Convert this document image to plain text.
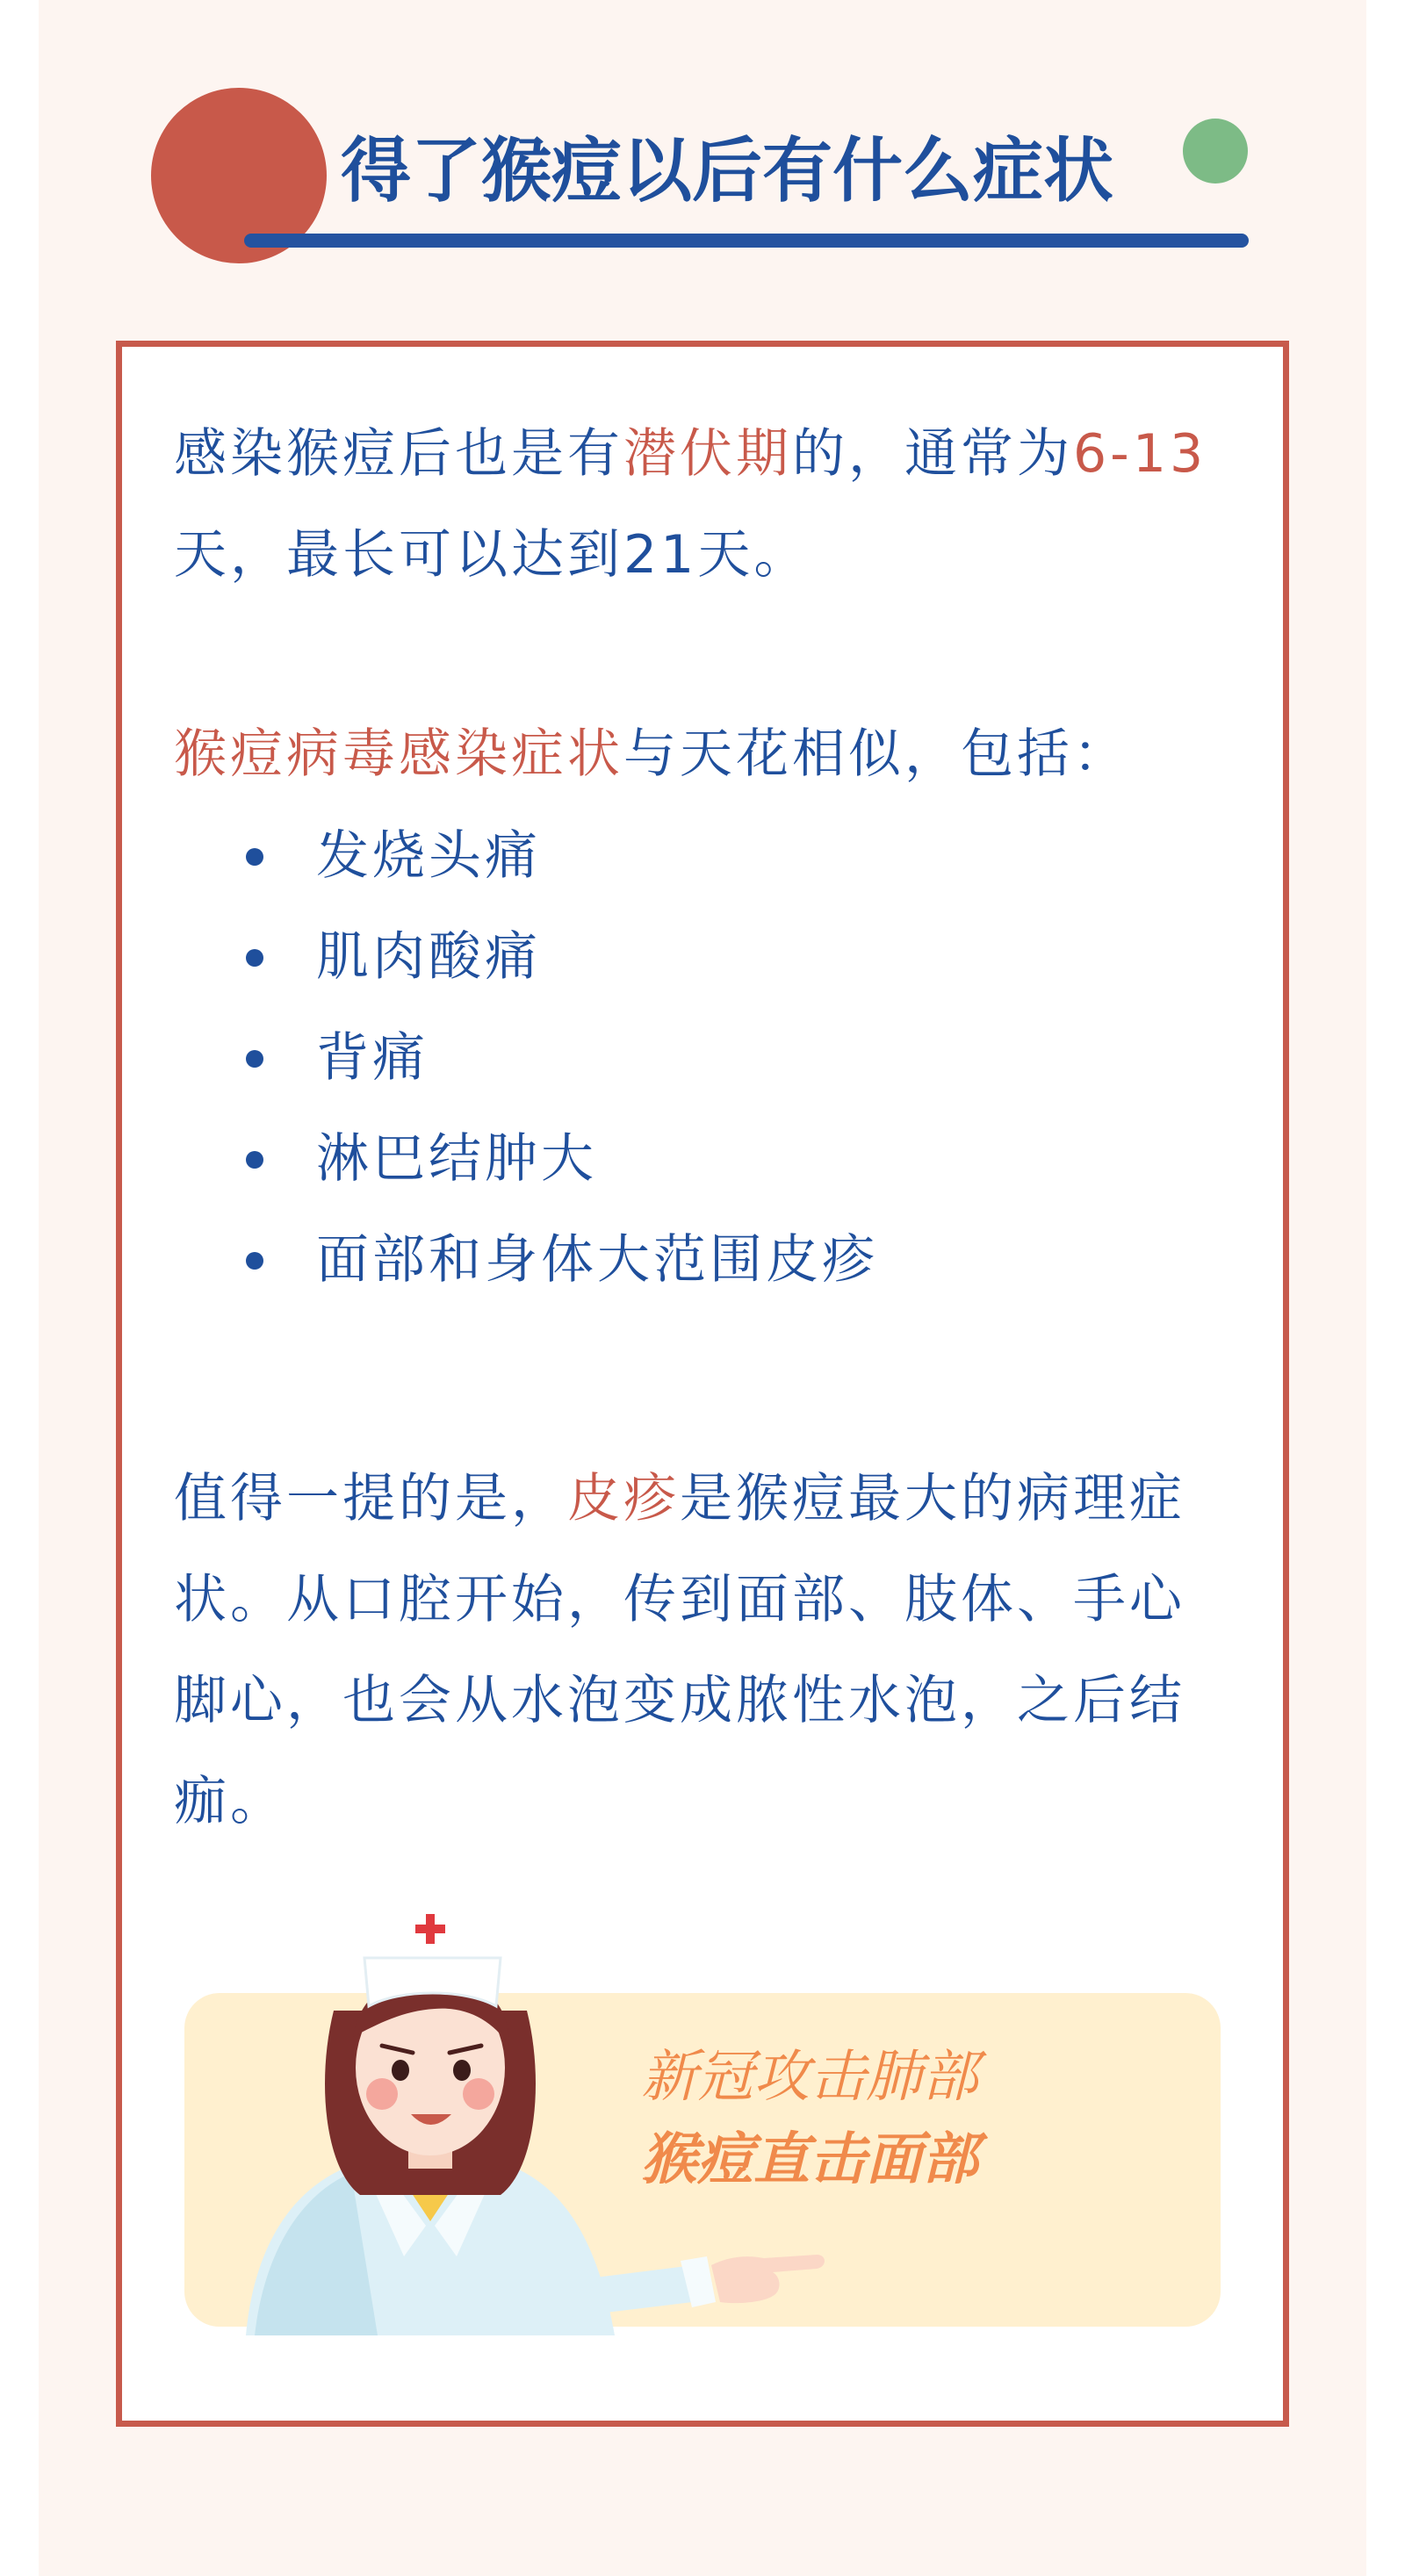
得了猴痘以后有什么症状
感染猴痘后也是有潜伏期的，通常为6-13天，最长可以达到21天。
猴痘病毒感染症状与天花相似，包括：
发烧头痛
肌肉酸痛
背痛
淋巴结肿大
面部和身体大范围皮疹
值得一提的是，皮疹是猴痘最大的病理症状。从口腔开始，传到面部、肢体、手心脚心，也会从水泡变成脓性水泡，之后结痂。
新冠攻击肺部
猴痘直击面部
